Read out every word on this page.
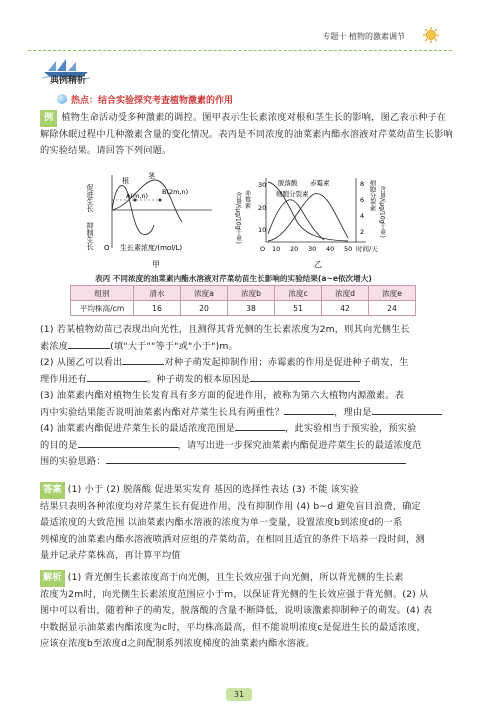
专题十 植物的激素调节
典例精析
热点：结合实验探究考查植物激素的作用
例 植物生命活动受多种激素的调控。图甲表示生长素浓度对根和茎生长的影响，图乙表示种子在解除休眠过程中几种激素含量的变化情况。表丙是不同浓度的油菜素内酯水溶液对芹菜幼苗生长影响的实验结果。请回答下列问题。
促进生长
抑制生长
根
茎
A(m,n) B(2m,n)
O 生长素浓度/(mol/L)
甲
赤霉素
含量/(μg/10g干重)
30
20
10
8
6
4
2
细胞分裂素 含量/(μg/10g干重)
脱落酸 赤霉素
细胞分裂素
O 10 20 30 40 50 时间/天
乙
表丙 不同浓度的油菜素内酯水溶液对芹菜幼苗生长影响的实验结果(a~e依次增大)
组别	清水	浓度a	浓度b	浓度c	浓度d	浓度e
平均株高/cm	16	20	38	51	42	24
(1) 若某植物幼苗已表现出向光性，且测得其背光侧的生长素浓度为2m，则其向光侧生长
素浓度	(填"大于""等于"或"小于")m。
(2) 从图乙可以看出	对种子萌发起抑制作用；赤霉素的作用是促进种子萌发，生
理作用还有	。种子萌发的根本原因是
(3) 油菜素内酯对植物生长发育具有多方面的促进作用，被称为第六大植物内源激素。表
丙中实验结果能否说明油菜素内酯对芹菜生长具有两重性？	，理由是
(4) 油菜素内酯促进芹菜生长的最适浓度范围是	，此实验相当于预实验，预实验
的目的是	，请写出进一步探究油菜素内酯促进芹菜生长的最适浓度范
围的实验思路：
答案 (1) 小于 (2) 脱落酸 促进果实发育 基因的选择性表达 (3) 不能 该实验
结果只表明各种浓度均对芹菜生长有促进作用，没有抑制作用 (4) b~d 避免盲目浪费，确定
最适浓度的大致范围 以油菜素内酯水溶液的浓度为单一变量，设置浓度b到浓度d的一系
列梯度的油菜素内酯水溶液喷洒对应组的芹菜幼苗，在相同且适宜的条件下培养一段时间，测
量并记录芹菜株高，再计算平均值
解析 (1) 背光侧生长素浓度高于向光侧，且生长效应强于向光侧，所以背光侧的生长素
浓度为2m时，向光侧生长素浓度范围应小于m，以保证背光侧的生长效应强于背光侧。(2) 从
图中可以看出，随着种子的萌发，脱落酸的含量不断降低，说明该激素抑制种子的萌发。(4) 表
中数据显示油菜素内酯浓度为c时，平均株高最高，但不能说明浓度c是促进生长的最适浓度，
应该在浓度b至浓度d之间配制系列浓度梯度的油菜素内酯水溶液。
31
